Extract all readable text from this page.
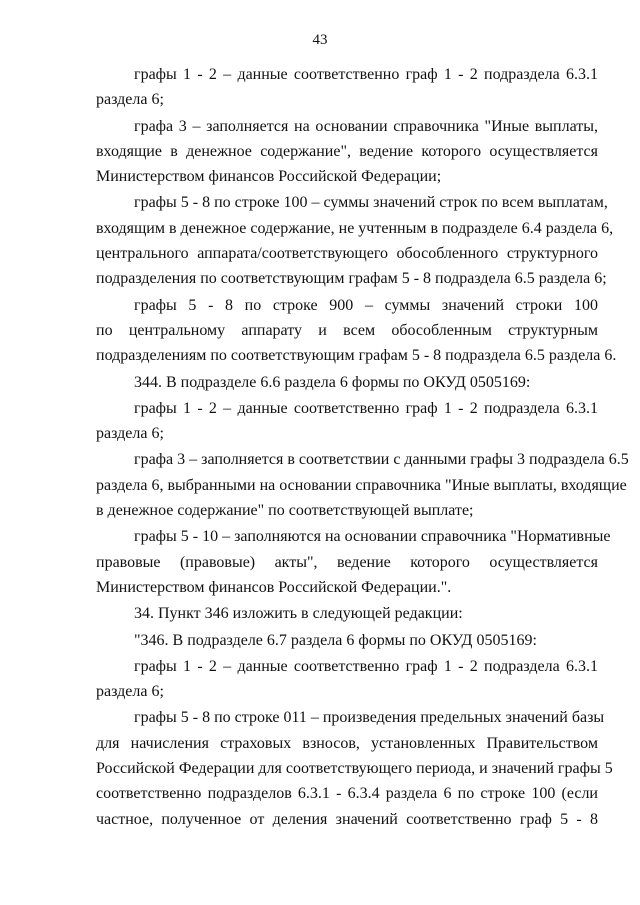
43
графы 1 - 2 – данные соответственно граф 1 - 2 подраздела 6.3.1
раздела 6;
графа 3 – заполняется на основании справочника "Иные выплаты,
входящие в денежное содержание", ведение которого осуществляется
Министерством финансов Российской Федерации;
графы 5 - 8 по строке 100 – суммы значений строк по всем выплатам,
входящим в денежное содержание, не учтенным в подразделе 6.4 раздела 6,
центрального аппарата/соответствующего обособленного структурного
подразделения по соответствующим графам 5 - 8 подраздела 6.5 раздела 6;
графы 5 - 8 по строке 900 – суммы значений строки 100
по центральному аппарату и всем обособленным структурным
подразделениям по соответствующим графам 5 - 8 подраздела 6.5 раздела 6.
344. В подразделе 6.6 раздела 6 формы по ОКУД 0505169:
графы 1 - 2 – данные соответственно граф 1 - 2 подраздела 6.3.1
раздела 6;
графа 3 – заполняется в соответствии с данными графы 3 подраздела 6.5
раздела 6, выбранными на основании справочника "Иные выплаты, входящие
в денежное содержание" по соответствующей выплате;
графы 5 - 10 – заполняются на основании справочника "Нормативные
правовые (правовые) акты", ведение которого осуществляется
Министерством финансов Российской Федерации.".
34. Пункт 346 изложить в следующей редакции:
"346. В подразделе 6.7 раздела 6 формы по ОКУД 0505169:
графы 1 - 2 – данные соответственно граф 1 - 2 подраздела 6.3.1
раздела 6;
графы 5 - 8 по строке 011 – произведения предельных значений базы
для начисления страховых взносов, установленных Правительством
Российской Федерации для соответствующего периода, и значений графы 5
соответственно подразделов 6.3.1 - 6.3.4 раздела 6 по строке 100 (если
частное, полученное от деления значений соответственно граф 5 - 8
